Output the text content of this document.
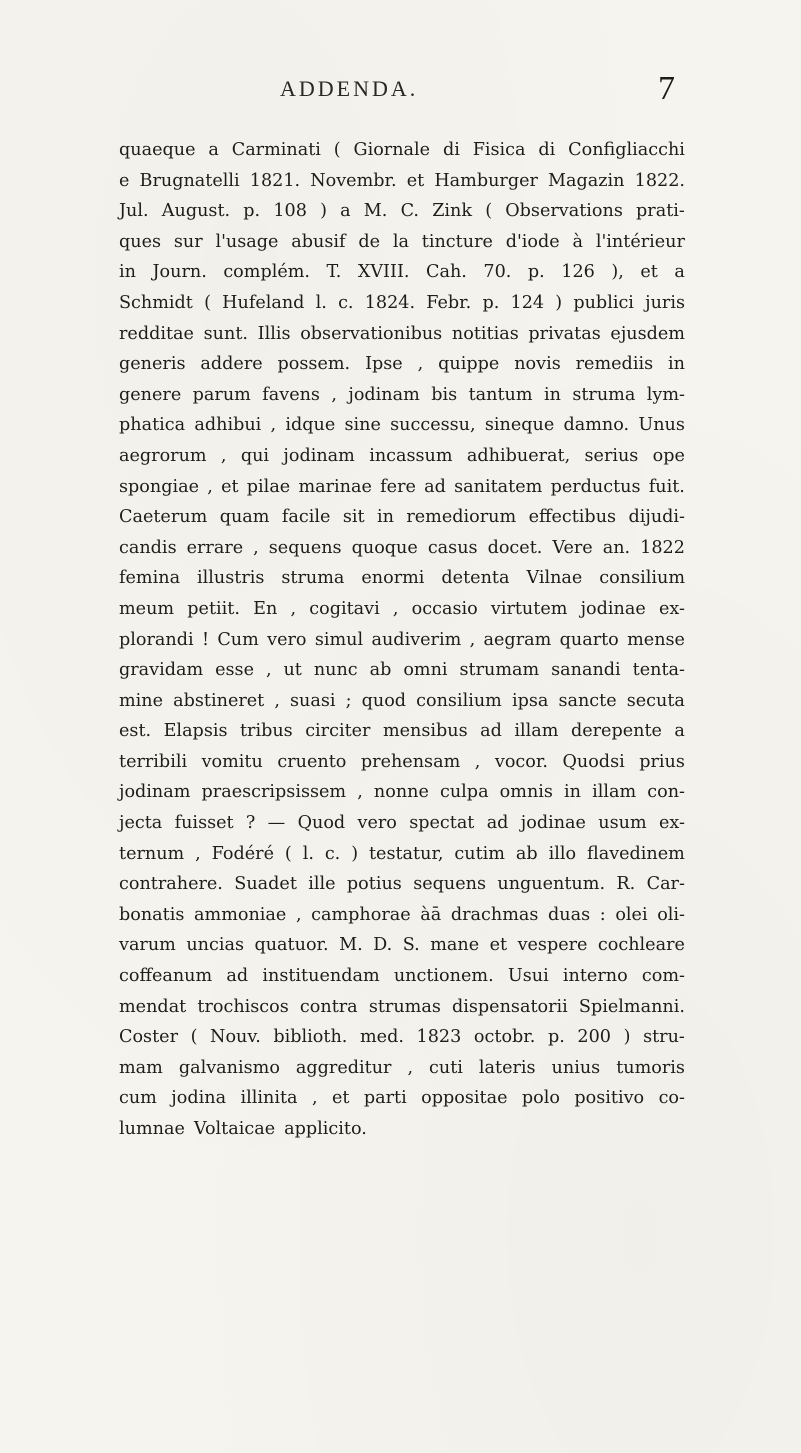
ADDENDA.	7
quaeque a Carminati ( Giornale di Fisica di Configliacchi
e Brugnatelli 1821. Novembr. et Hamburger Magazin 1822.
Jul. August. p. 108 ) a M. C. Zink ( Observations prati-
ques sur l'usage abusif de la tincture d'iode à l'intérieur
in Journ. complém. T. XVIII. Cah. 70. p. 126 ), et a
Schmidt ( Hufeland l. c. 1824. Febr. p. 124 ) publici juris
redditae sunt. Illis observationibus notitias privatas ejusdem
generis addere possem. Ipse , quippe novis remediis in
genere parum favens , jodinam bis tantum in struma lym-
phatica adhibui , idque sine successu, sineque damno. Unus
aegrorum , qui jodinam incassum adhibuerat, serius ope
spongiae , et pilae marinae fere ad sanitatem perductus fuit.
Caeterum quam facile sit in remediorum effectibus dijudi-
candis errare , sequens quoque casus docet. Vere an. 1822
femina illustris struma enormi detenta Vilnae consilium
meum petiit. En , cogitavi , occasio virtutem jodinae ex-
plorandi ! Cum vero simul audiverim , aegram quarto mense
gravidam esse , ut nunc ab omni strumam sanandi tenta-
mine abstineret , suasi ; quod consilium ipsa sancte secuta
est. Elapsis tribus circiter mensibus ad illam derepente a
terribili vomitu cruento prehensam , vocor. Quodsi prius
jodinam praescripsissem , nonne culpa omnis in illam con-
jecta fuisset ? — Quod vero spectat ad jodinae usum ex-
ternum , Fodéré ( l. c. ) testatur, cutim ab illo flavedinem
contrahere. Suadet ille potius sequens unguentum. R. Car-
bonatis ammoniae , camphorae àā drachmas duas : olei oli-
varum uncias quatuor. M. D. S. mane et vespere cochleare
coffeanum ad instituendam unctionem. Usui interno com-
mendat trochiscos contra strumas dispensatorii Spielmanni.
Coster ( Nouv. biblioth. med. 1823 octobr. p. 200 ) stru-
mam galvanismo aggreditur , cuti lateris unius tumoris
cum jodina illinita , et parti oppositae polo positivo co-
lumnae Voltaicae applicito.
